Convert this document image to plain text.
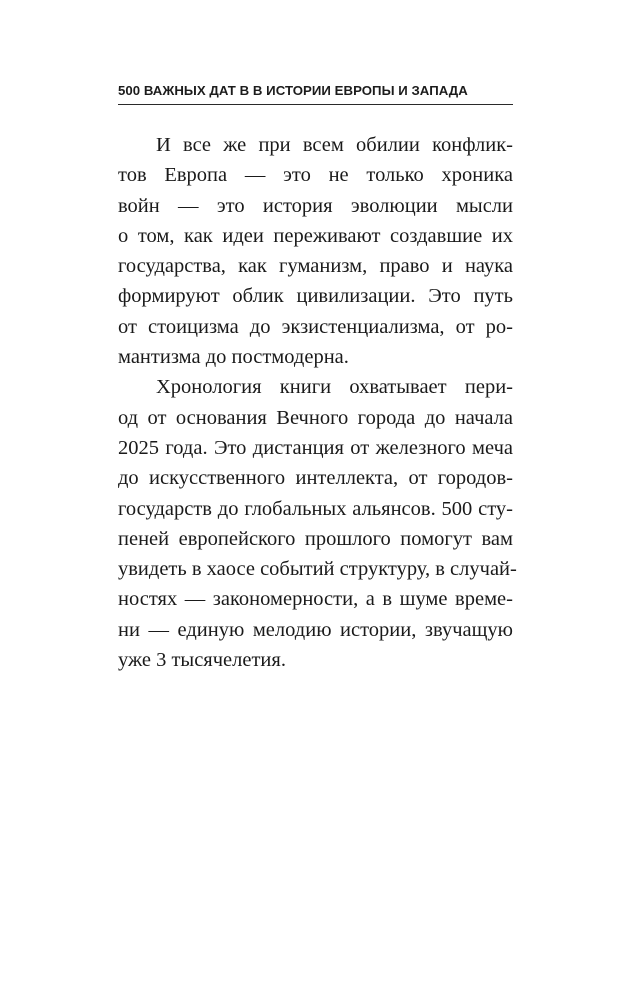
500 ВАЖНЫХ ДАТ В В ИСТОРИИ ЕВРОПЫ И ЗАПАДА
И все же при всем обилии конфлик-
тов Европа — это не только хроника
войн — это история эволюции мысли
о том, как идеи переживают создавшие их
государства, как гуманизм, право и наука
формируют облик цивилизации. Это путь
от стоицизма до экзистенциализма, от ро-
мантизма до постмодерна.
Хронология книги охватывает пери-
од от основания Вечного города до начала
2025 года. Это дистанция от железного меча
до искусственного интеллекта, от городов-
государств до глобальных альянсов. 500 сту-
пеней европейского прошлого помогут вам
увидеть в хаосе событий структуру, в случай-
ностях — закономерности, а в шуме време-
ни — единую мелодию истории, звучащую
уже 3 тысячелетия.
